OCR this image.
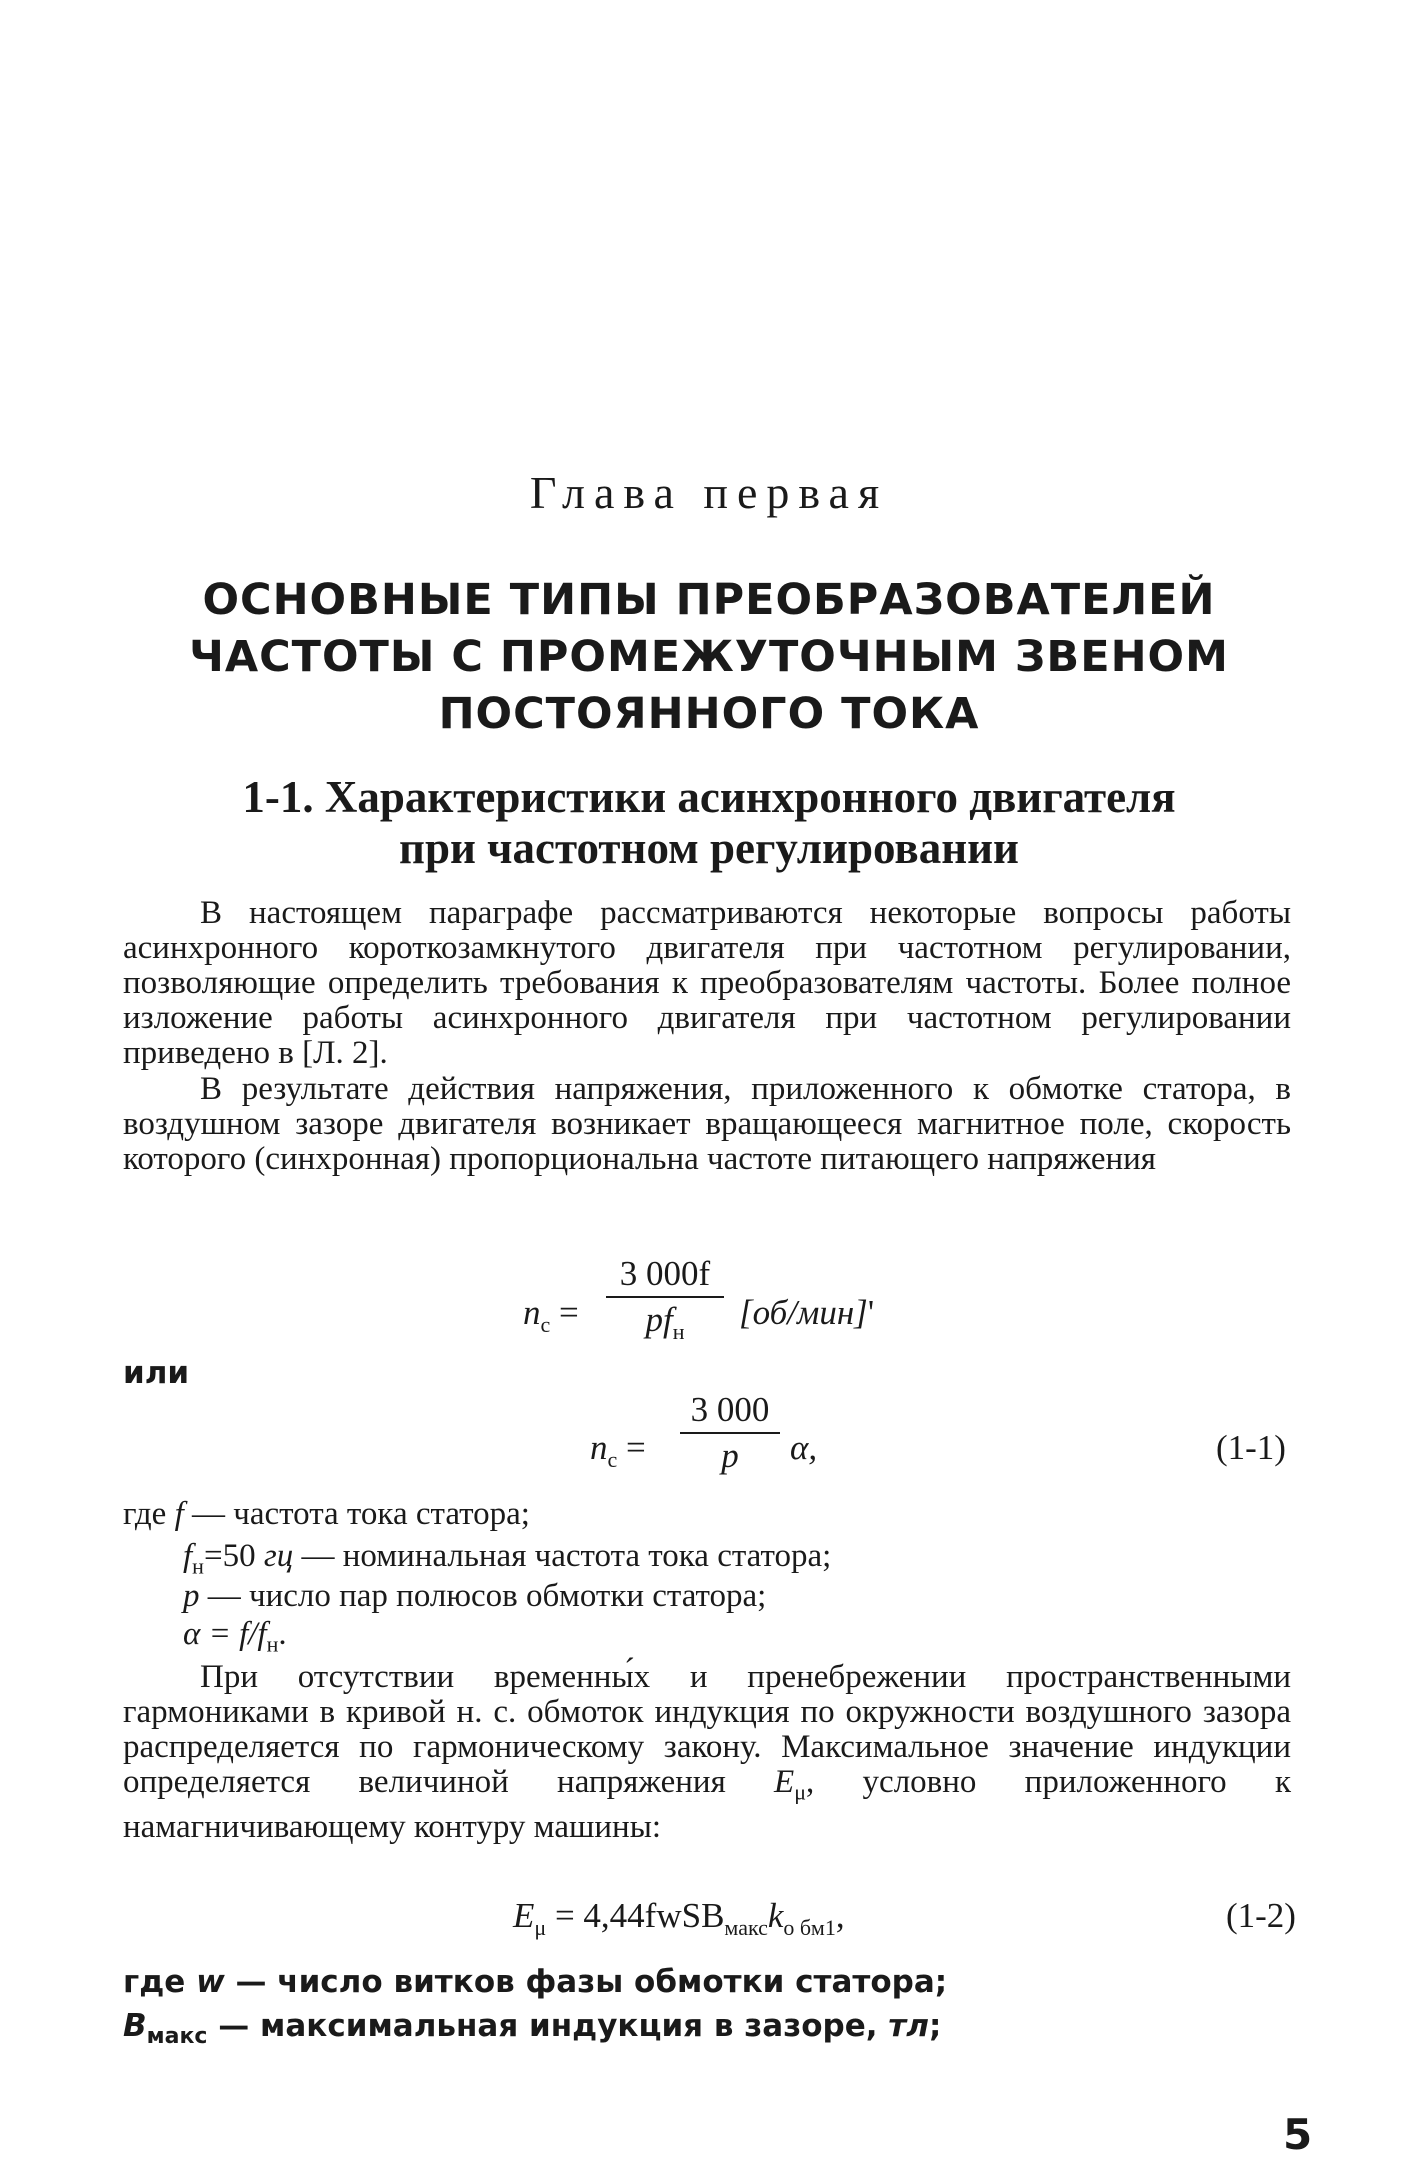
Глава первая
ОСНОВНЫЕ ТИПЫ ПРЕОБРАЗОВАТЕЛЕЙ
ЧАСТОТЫ С ПРОМЕЖУТОЧНЫМ ЗВЕНОМ
ПОСТОЯННОГО ТОКА
1-1. Характеристики асинхронного двигателя
при частотном регулировании
В настоящем параграфе рассматриваются некоторые вопросы работы асинхронного короткозамкнутого двигателя при частотном регулировании, позволяющие определить требования к преобразователям частоты. Более полное изложение работы асинхронного двигателя при частотном регулировании приведено в [Л. 2].
В результате действия напряжения, приложенного к обмотке статора, в воздушном зазоре двигателя возникает вращающееся магнитное поле, скорость которого (синхронная) пропорциональна частоте питающего напряжения
$n_с$ =
3 000f
$pf_н$	[об/мин]'
или
$n_с$ =
3 000
p	α,	(1-1)
где f — частота тока статора;
$f_н=50$ гц — номинальная частота тока статора;
p — число пар полюсов обмотки статора;
$\alpha = f/f_н$.
При отсутствии временны́х и пренебрежении пространственными гармониками в кривой н. с. обмоток индукция по окружности воздушного зазора распределяется по гармоническому закону. Максимальное значение индукции определяется величиной напряжения $E_\mu$, условно приложенного к намагничивающему контуру машины:
$E_\mu$ = $4,44fwSB_{макс}k_{о бм1}$,	(1-2)
где w — число витков фазы обмотки статора;
$B_{макс}$ — максимальная индукция в зазоре, тл;
5
